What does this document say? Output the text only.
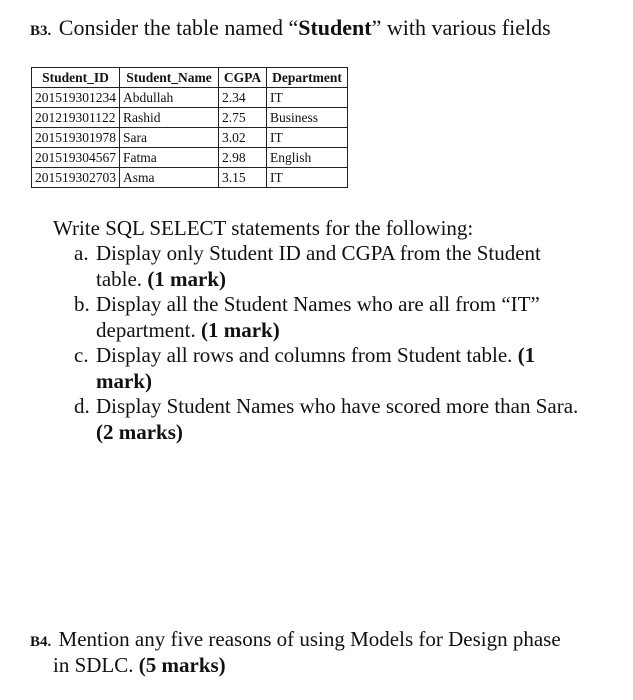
B3. Consider the table named “Student” with various fields
Student_ID	Student_Name	CGPA	Department
201519301234	Abdullah	2.34	IT
201219301122	Rashid	2.75	Business
201519301978	Sara	3.02	IT
201519304567	Fatma	2.98	English
201519302703	Asma	3.15	IT
Write SQL SELECT statements for the following:
a. Display only Student ID and CGPA from the Student
table. (1 mark)
b. Display all the Student Names who are all from “IT”
department. (1 mark)
c. Display all rows and columns from Student table. (1
mark)
d. Display Student Names who have scored more than Sara.
(2 marks)
B4. Mention any five reasons of using Models for Design phase
in SDLC. (5 marks)
